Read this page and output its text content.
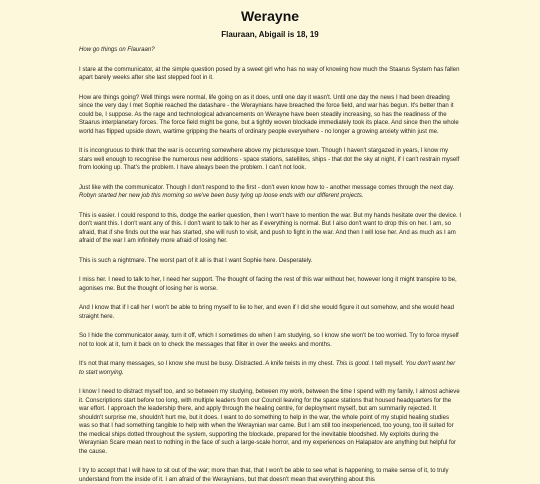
Werayne
Flauraan, Abigail is 18, 19

How go things on Flauraan?

I stare at the communicator, at the simple question posed by a sweet girl who has no way of knowing how much the Staarus System has fallen apart barely weeks after she last stepped foot in it.

How are things going? Well things were normal, life going on as it does, until one day it wasn't. Until one day the news I had been dreading since the very day I met Sophie reached the datashare - the Weraynians have breached the force field, and war has begun. It's better than it could be, I suppose. As the rage and technological advancements on Werayne have been steadily increasing, so has the readiness of the Staarus interplanetary forces. The force field might be gone, but a tightly woven blockade immediately took its place. And since then the whole world has flipped upside down, wartime gripping the hearts of ordinary people everywhere - no longer a growing anxiety within just me.

It is incongruous to think that the war is occurring somewhere above my picturesque town. Though I haven't stargazed in years, I know my stars well enough to recognise the numerous new additions - space stations, satellites, ships - that dot the sky at night, if I can't restrain myself from looking up. That's the problem. I have always been the problem. I can't not look.

Just like with the communicator. Though I don't respond to the first - don't even know how to - another message comes through the next day. Robyn started her new job this morning so we've been busy tying up loose ends with our different projects.

This is easier. I could respond to this, dodge the earlier question, then I won't have to mention the war. But my hands hesitate over the device. I don't want this. I don't want any of this. I don't want to talk to her as if everything is normal. But I also don't want to drop this on her. I am, so afraid, that if she finds out the war has started, she will rush to visit, and push to fight in the war. And then I will lose her. And as much as I am afraid of the war I am infinitely more afraid of losing her.

This is such a nightmare. The worst part of it all is that I want Sophie here. Desperately.

I miss her. I need to talk to her, I need her support. The thought of facing the rest of this war without her, however long it might transpire to be, agonises me. But the thought of losing her is worse.

And I know that if I call her I won't be able to bring myself to lie to her, and even if I did she would figure it out somehow, and she would head straight here.

So I hide the communicator away, turn it off, which I sometimes do when I am studying, so I know she won't be too worried. Try to force myself not to look at it, turn it back on to check the messages that filter in over the weeks and months.

It's not that many messages, so I know she must be busy. Distracted. A knife twists in my chest. This is good. I tell myself. You don't want her to start worrying.

I know I need to distract myself too, and so between my studying, between my work, between the time I spend with my family, I almost achieve it. Conscriptions start before too long, with multiple leaders from our Council leaving for the space stations that housed headquarters for the war effort. I approach the leadership there, and apply through the healing centre, for deployment myself, but am summarily rejected. It shouldn't surprise me, shouldn't hurt me, but it does. I want to do something to help in the war, the whole point of my stupid healing studies was so that I had something tangible to help with when the Weraynian war came. But I am still too inexperienced, too young, too ill suited for the medical ships dotted throughout the system, supporting the blockade, prepared for the inevitable bloodshed. My exploits during the Weraynian Scare mean next to nothing in the face of such a large-scale horror, and my experiences on Halapatov are anything but helpful for the cause.

I try to accept that I will have to sit out of the war; more than that, that I won't be able to see what is happening, to make sense of it, to truly understand from the inside of it. I am afraid of the Weraynians, but that doesn't mean that everything about this
